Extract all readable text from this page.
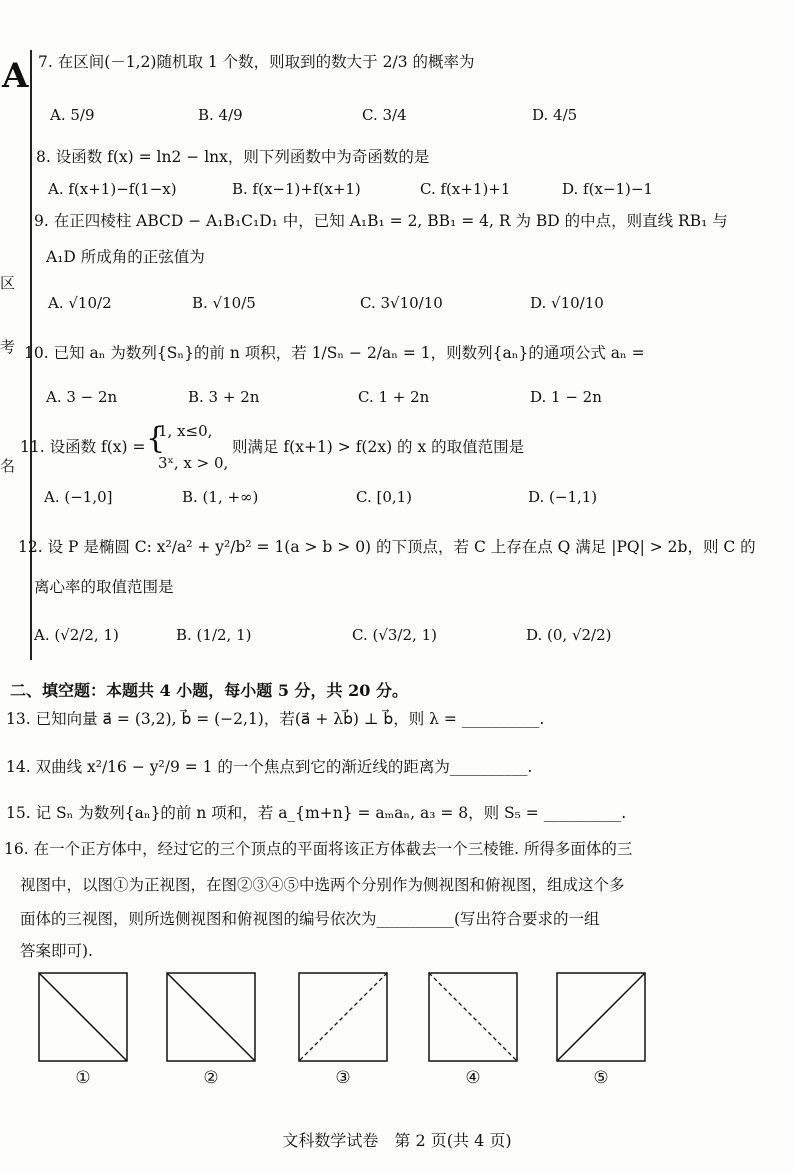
A
区
考
名
7. 在区间(－1,2)随机取 1 个数，则取到的数大于 2/3 的概率为
A. 5/9	B. 4/9	C. 3/4	D. 4/5
8. 设函数 f(x) = ln2 − lnx，则下列函数中为奇函数的是
A. f(x+1)−f(1−x)	B. f(x−1)+f(x+1)	C. f(x+1)+1	D. f(x−1)−1
9. 在正四棱柱 ABCD − A₁B₁C₁D₁ 中，已知 A₁B₁ = 2, BB₁ = 4, R 为 BD 的中点，则直线 RB₁ 与
A₁D 所成角的正弦值为
A. √10/2	B. √10/5	C. 3√10/10	D. √10/10
10. 已知 aₙ 为数列{Sₙ}的前 n 项积，若 1/Sₙ − 2/aₙ = 1，则数列{aₙ}的通项公式 aₙ =
A. 3 − 2n	B. 3 + 2n	C. 1 + 2n	D. 1 − 2n
11. 设函数 f(x) = {
1, x≤0,
3ˣ, x > 0,
则满足 f(x+1) > f(2x) 的 x 的取值范围是
A. (−1,0]	B. (1, +∞)	C. [0,1)	D. (−1,1)
12. 设 P 是椭圆 C: x²/a² + y²/b² = 1(a > b > 0) 的下顶点，若 C 上存在点 Q 满足 |PQ| > 2b，则 C 的
离心率的取值范围是
A. (√2/2, 1)	B. (1/2, 1)	C. (√3/2, 1)	D. (0, √2/2)
二、填空题：本题共 4 小题，每小题 5 分，共 20 分。
13. 已知向量 a⃗ = (3,2), b⃗ = (−2,1)，若(a⃗ + λb⃗) ⊥ b⃗，则 λ = __________.
14. 双曲线 x²/16 − y²/9 = 1 的一个焦点到它的渐近线的距离为__________.
15. 记 Sₙ 为数列{aₙ}的前 n 项和，若 a_{m+n} = aₘaₙ, a₃ = 8，则 S₅ = __________.
16. 在一个正方体中，经过它的三个顶点的平面将该正方体截去一个三棱锥. 所得多面体的三
视图中，以图①为正视图，在图②③④⑤中选两个分别作为侧视图和俯视图，组成这个多
面体的三视图，则所选侧视图和俯视图的编号依次为__________(写出符合要求的一组
答案即可).
①	②	③	④	⑤
文科数学试卷　第 2 页(共 4 页)
